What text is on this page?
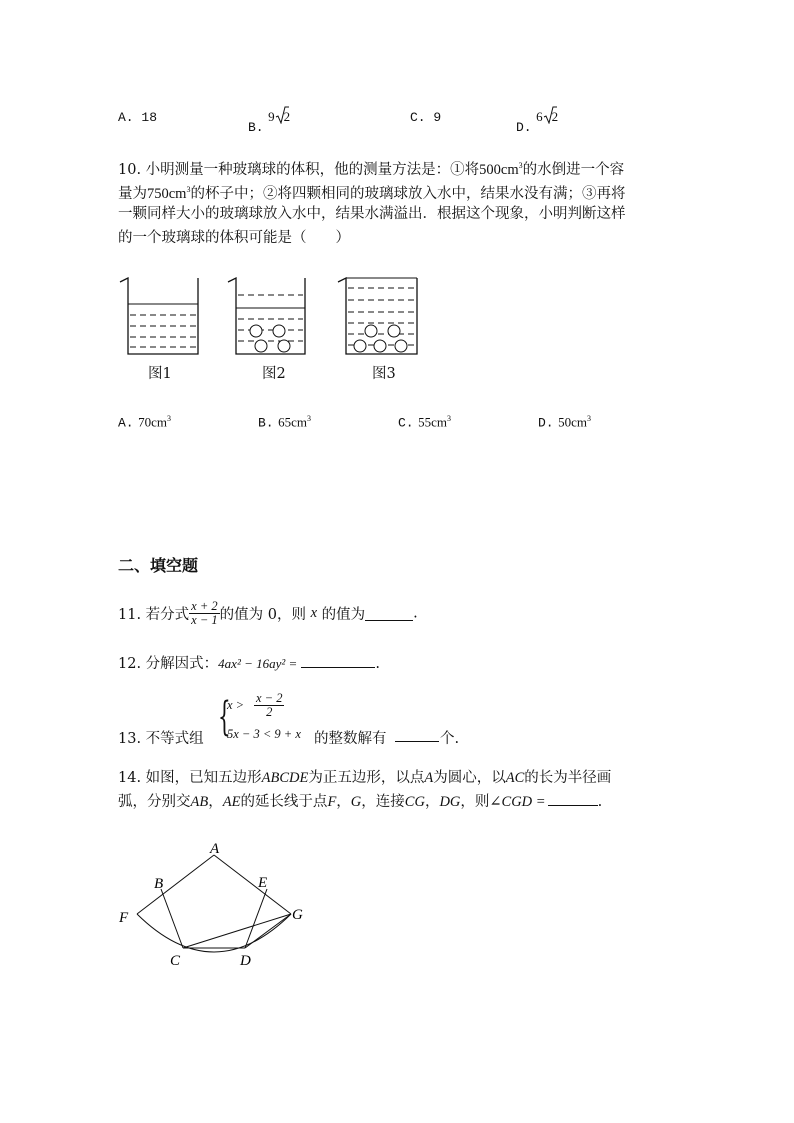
A. 18
B. 9 2	C. 9
D. 6 2
10. 小明测量一种玻璃球的体积，他的测量方法是：①将$500cm^3$的水倒进一个容
量为$750cm^3$的杯子中；②将四颗相同的玻璃球放入水中，结果水没有满；③再将
一颗同样大小的玻璃球放入水中，结果水满溢出．根据这个现象，小明判断这样
的一个玻璃球的体积可能是（　　）
图1	图2	图3
A. $70cm^3$	B. $65cm^3$	C. $55cm^3$	D. $50cm^3$
二、填空题
11. 若分式 $\frac{x + 2}{x - 1}$ 的值为 0，则 x 的值为	.
12. 分解因式：4ax² − 16ay² =	.
13. 不等式组 {
$x > \frac{x - 2}{2}$
5x − 3 < 9 + x 的整数解有	个.
14. 如图，已知五边形ABCDE为正五边形，以点A为圆心，以AC的长为半径画
弧，分别交AB，AE的延长线于点F，G，连接CG，DG，则∠CGD =	.
A
B
C	D
E
F	G
